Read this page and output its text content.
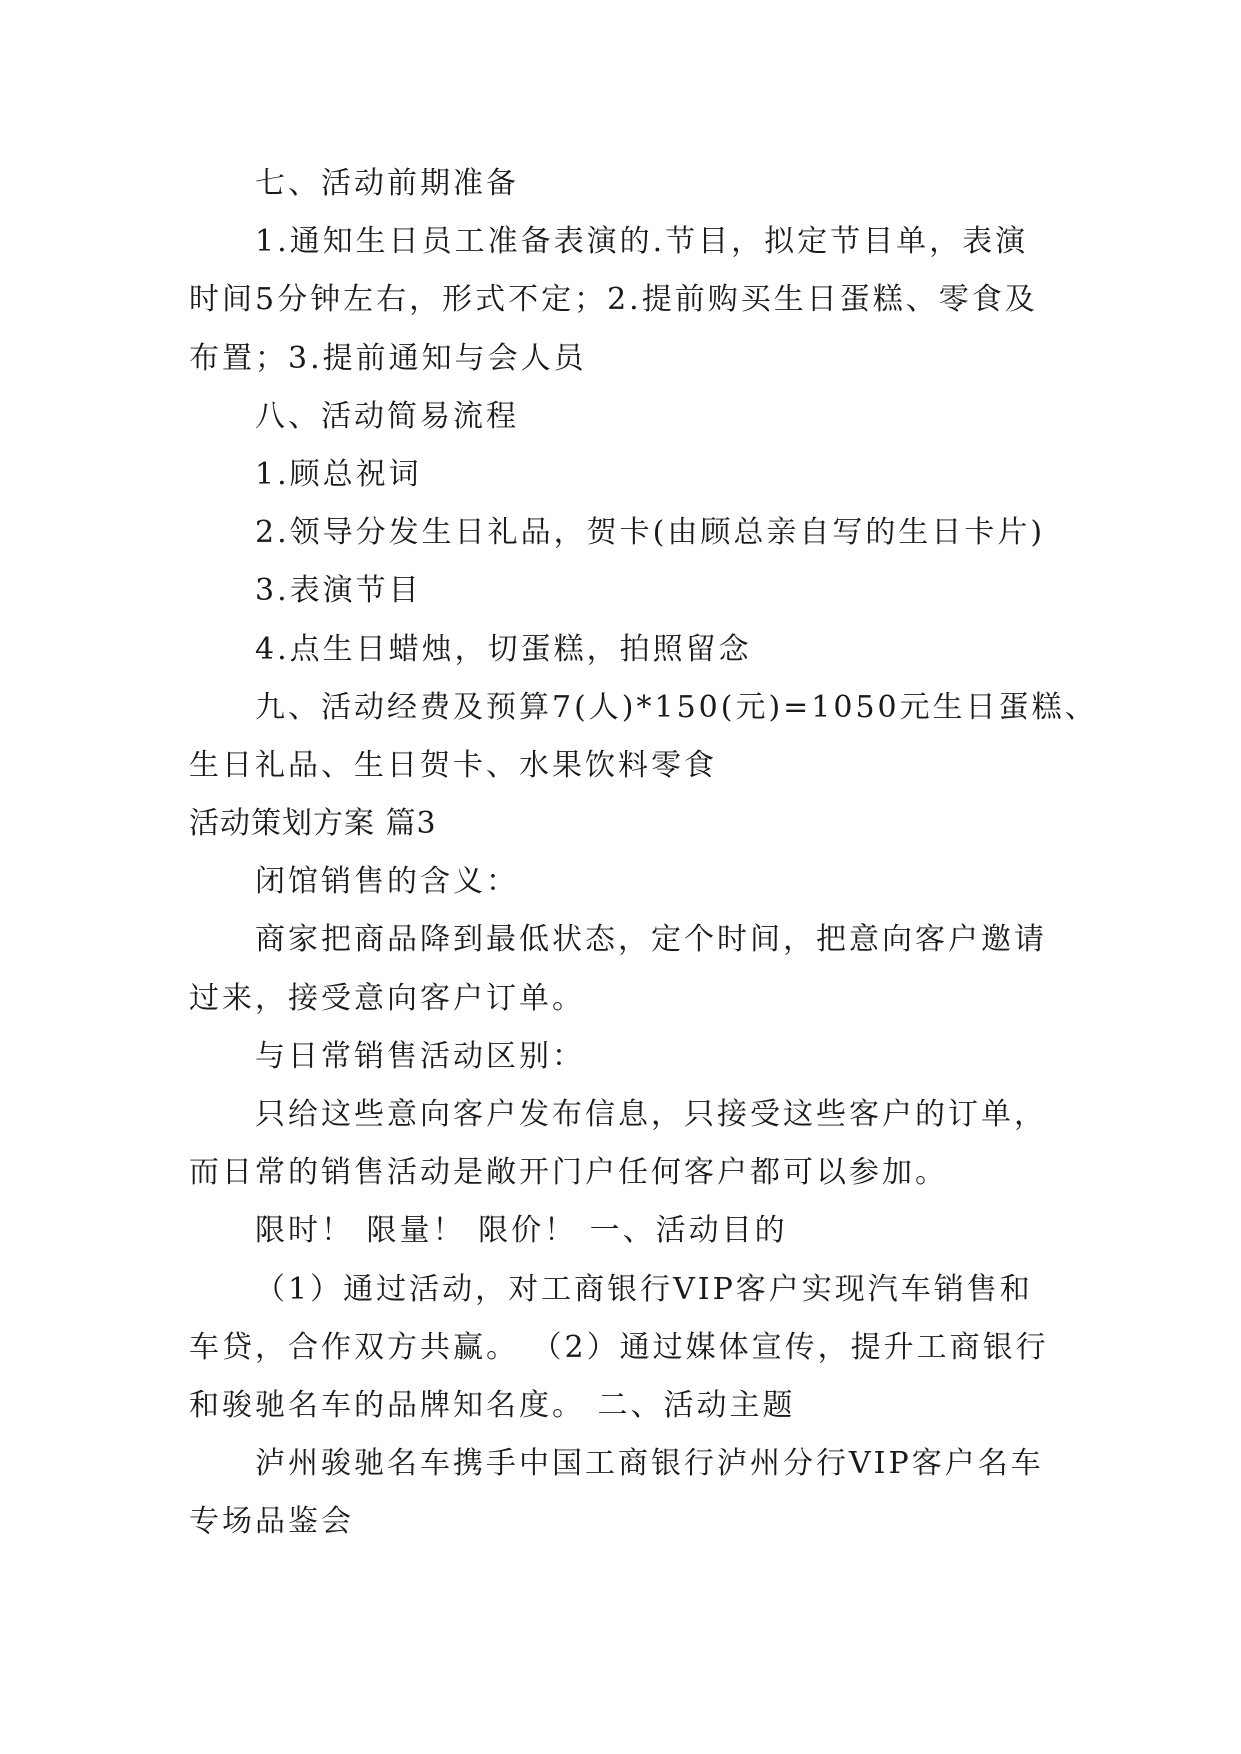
七、活动前期准备
1.通知生日员工准备表演的.节目，拟定节目单，表演
时间5分钟左右，形式不定；2.提前购买生日蛋糕、零食及
布置；3.提前通知与会人员
八、活动简易流程
1.顾总祝词
2.领导分发生日礼品，贺卡(由顾总亲自写的生日卡片)
3.表演节目
4.点生日蜡烛，切蛋糕，拍照留念
九、活动经费及预算7(人)*150(元)=1050元生日蛋糕、
生日礼品、生日贺卡、水果饮料零食
活动策划方案 篇3
闭馆销售的含义：
商家把商品降到最低状态，定个时间，把意向客户邀请
过来，接受意向客户订单。
与日常销售活动区别：
只给这些意向客户发布信息，只接受这些客户的订单，
而日常的销售活动是敞开门户任何客户都可以参加。
限时！ 限量！ 限价！ 一、活动目的
（1）通过活动，对工商银行VIP客户实现汽车销售和
车贷，合作双方共赢。 （2）通过媒体宣传，提升工商银行
和骏驰名车的品牌知名度。 二、活动主题
泸州骏驰名车携手中国工商银行泸州分行VIP客户名车
专场品鉴会
